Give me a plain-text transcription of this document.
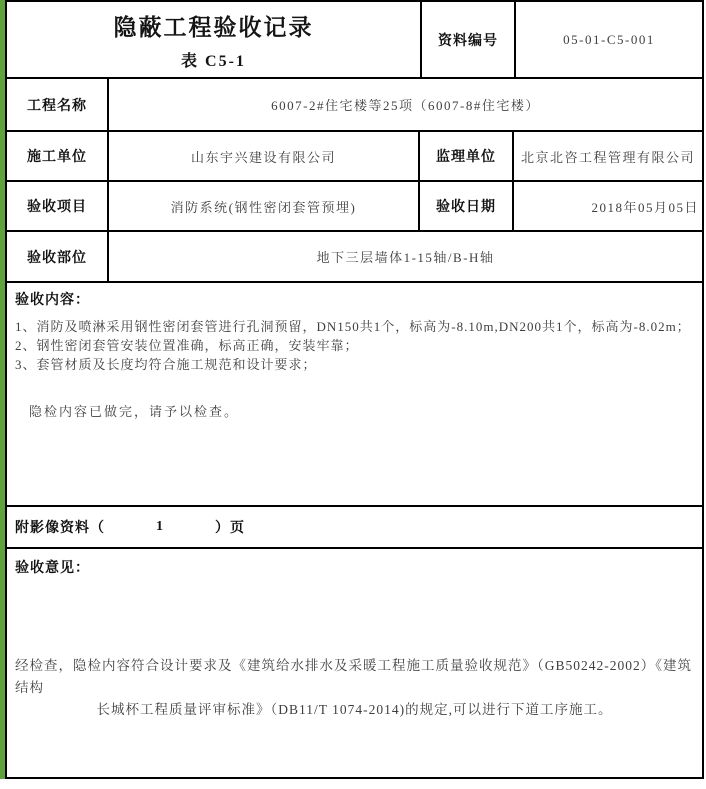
隐蔽工程验收记录
表 C5-1
资料编号	05-01-C5-001
工程名称	6007-2#住宅楼等25项（6007-8#住宅楼）
施工单位	山东宇兴建设有限公司	监理单位	北京北咨工程管理有限公司
验收项目	消防系统(钢性密闭套管预埋)	验收日期	2018年05月05日
验收部位	地下三层墙体1-15轴/B-H轴
验收内容：
1、消防及喷淋采用钢性密闭套管进行孔洞预留，DN150共1个，标高为-8.10m,DN200共1个，标高为-8.02m；
2、钢性密闭套管安装位置准确，标高正确，安装牢靠；
3、套管材质及长度均符合施工规范和设计要求；
隐检内容已做完，请予以检查。
附影像资料（	1	）页
验收意见：
经检查，隐检内容符合设计要求及《建筑给水排水及采暖工程施工质量验收规范》（GB50242-2002）《建筑结构
长城杯工程质量评审标准》（DB11/T 1074-2014)的规定,可以进行下道工序施工。
